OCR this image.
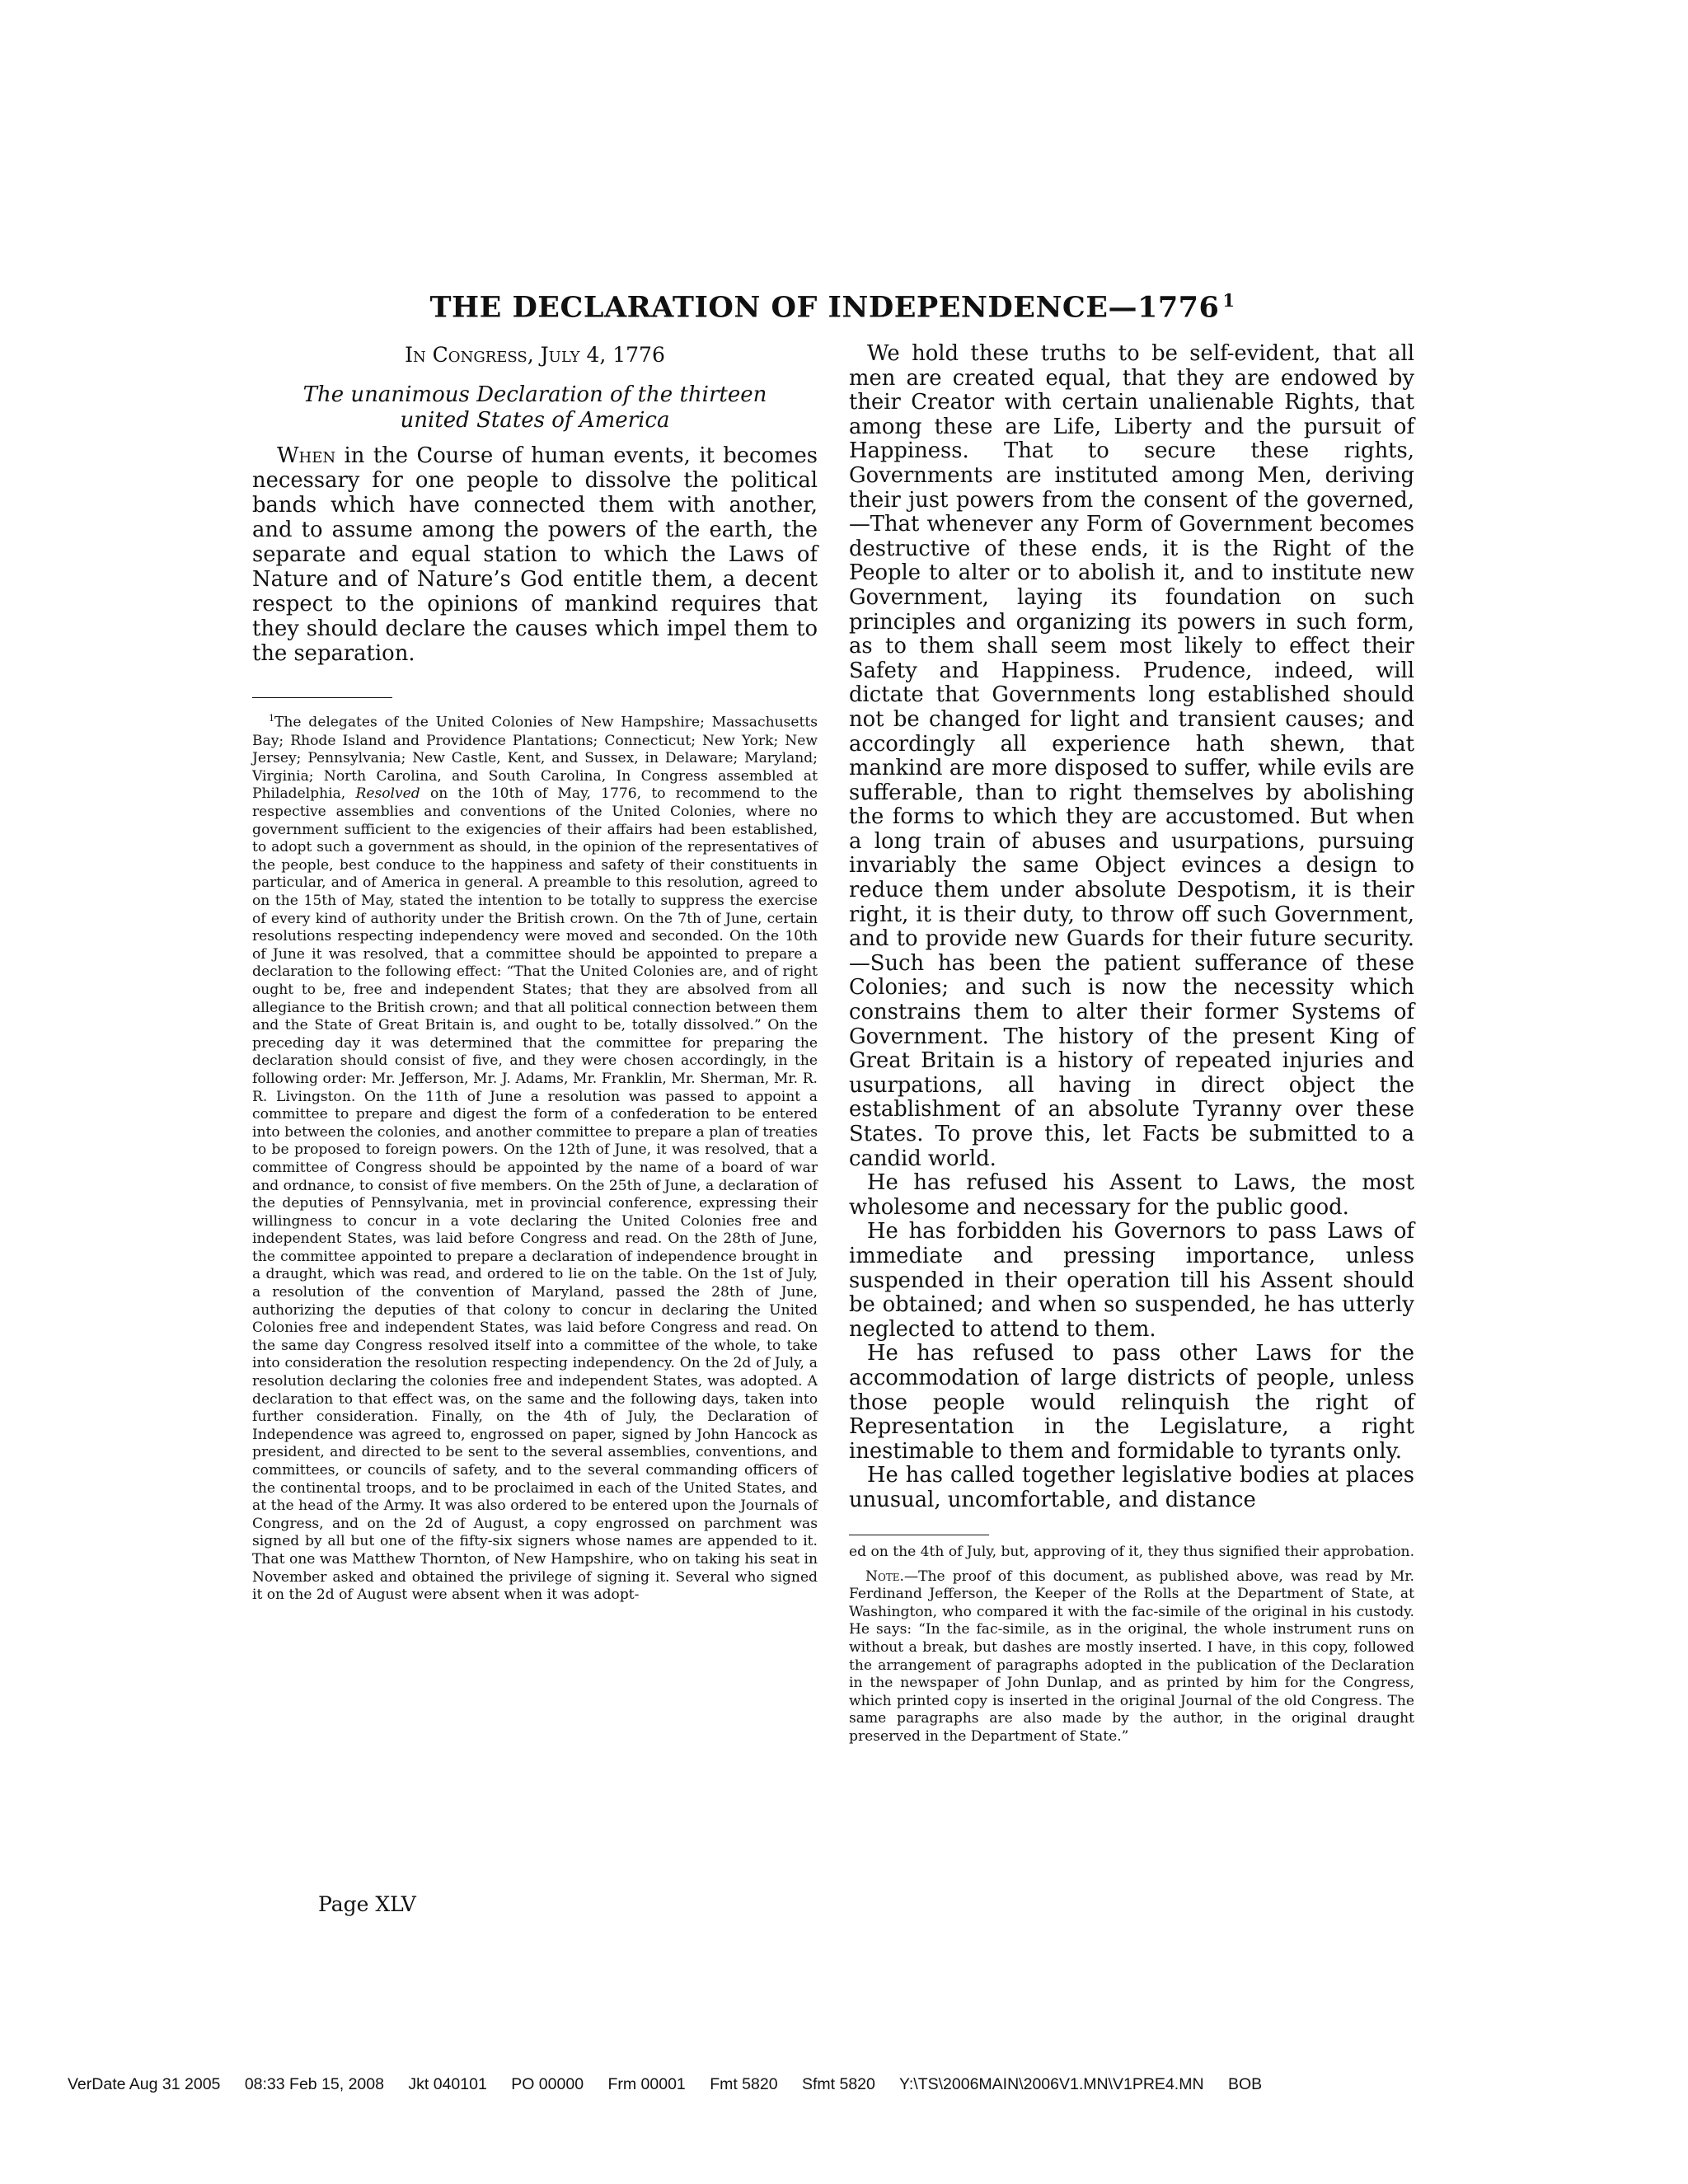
THE DECLARATION OF INDEPENDENCE—1776 $^1$

In Congress, July 4, 1776

The unanimous Declaration of the thirteen united States of America

When in the Course of human events, it becomes necessary for one people to dissolve the political bands which have connected them with another, and to assume among the powers of the earth, the separate and equal station to which the Laws of Nature and of Nature’s God entitle them, a decent respect to the opinions of mankind requires that they should declare the causes which impel them to the separation.

$^1$The delegates of the United Colonies of New Hampshire; Massachusetts Bay; Rhode Island and Providence Plantations; Connecticut; New York; New Jersey; Pennsylvania; New Castle, Kent, and Sussex, in Delaware; Maryland; Virginia; North Carolina, and South Carolina, In Congress assembled at Philadelphia, Resolved on the 10th of May, 1776, to recommend to the respective assemblies and conventions of the United Colonies, where no government sufficient to the exigencies of their affairs had been established, to adopt such a government as should, in the opinion of the representatives of the people, best conduce to the happiness and safety of their constituents in particular, and of America in general. A preamble to this resolution, agreed to on the 15th of May, stated the intention to be totally to suppress the exercise of every kind of authority under the British crown. On the 7th of June, certain resolutions respecting independency were moved and seconded. On the 10th of June it was resolved, that a committee should be appointed to prepare a declaration to the following effect: “That the United Colonies are, and of right ought to be, free and independent States; that they are absolved from all allegiance to the British crown; and that all political connection between them and the State of Great Britain is, and ought to be, totally dissolved.” On the preceding day it was determined that the committee for preparing the declaration should consist of five, and they were chosen accordingly, in the following order: Mr. Jefferson, Mr. J. Adams, Mr. Franklin, Mr. Sherman, Mr. R. R. Livingston. On the 11th of June a resolution was passed to appoint a committee to prepare and digest the form of a confederation to be entered into between the colonies, and another committee to prepare a plan of treaties to be proposed to foreign powers. On the 12th of June, it was resolved, that a committee of Congress should be appointed by the name of a board of war and ordnance, to consist of five members. On the 25th of June, a declaration of the deputies of Pennsylvania, met in provincial conference, expressing their willingness to concur in a vote declaring the United Colonies free and independent States, was laid before Congress and read. On the 28th of June, the committee appointed to prepare a declaration of independence brought in a draught, which was read, and ordered to lie on the table. On the 1st of July, a resolution of the convention of Maryland, passed the 28th of June, authorizing the deputies of that colony to concur in declaring the United Colonies free and independent States, was laid before Congress and read. On the same day Congress resolved itself into a committee of the whole, to take into consideration the resolution respecting independency. On the 2d of July, a resolution declaring the colonies free and independent States, was adopted. A declaration to that effect was, on the same and the following days, taken into further consideration. Finally, on the 4th of July, the Declaration of Independence was agreed to, engrossed on paper, signed by John Hancock as president, and directed to be sent to the several assemblies, conventions, and committees, or councils of safety, and to the several commanding officers of the continental troops, and to be proclaimed in each of the United States, and at the head of the Army. It was also ordered to be entered upon the Journals of Congress, and on the 2d of August, a copy engrossed on parchment was signed by all but one of the fifty-six signers whose names are appended to it. That one was Matthew Thornton, of New Hampshire, who on taking his seat in November asked and obtained the privilege of signing it. Several who signed it on the 2d of August were absent when it was adopt-

We hold these truths to be self-evident, that all men are created equal, that they are endowed by their Creator with certain unalienable Rights, that among these are Life, Liberty and the pursuit of Happiness. That to secure these rights, Governments are instituted among Men, deriving their just powers from the consent of the governed,—That whenever any Form of Government becomes destructive of these ends, it is the Right of the People to alter or to abolish it, and to institute new Government, laying its foundation on such principles and organizing its powers in such form, as to them shall seem most likely to effect their Safety and Happiness. Prudence, indeed, will dictate that Governments long established should not be changed for light and transient causes; and accordingly all experience hath shewn, that mankind are more disposed to suffer, while evils are sufferable, than to right themselves by abolishing the forms to which they are accustomed. But when a long train of abuses and usurpations, pursuing invariably the same Object evinces a design to reduce them under absolute Despotism, it is their right, it is their duty, to throw off such Government, and to provide new Guards for their future security.—Such has been the patient sufferance of these Colonies; and such is now the necessity which constrains them to alter their former Systems of Government. The history of the present King of Great Britain is a history of repeated injuries and usurpations, all having in direct object the establishment of an absolute Tyranny over these States. To prove this, let Facts be submitted to a candid world.

He has refused his Assent to Laws, the most wholesome and necessary for the public good.

He has forbidden his Governors to pass Laws of immediate and pressing importance, unless suspended in their operation till his Assent should be obtained; and when so suspended, he has utterly neglected to attend to them.

He has refused to pass other Laws for the accommodation of large districts of people, unless those people would relinquish the right of Representation in the Legislature, a right inestimable to them and formidable to tyrants only.

He has called together legislative bodies at places unusual, uncomfortable, and distance

ed on the 4th of July, but, approving of it, they thus signified their approbation.

Note.—The proof of this document, as published above, was read by Mr. Ferdinand Jefferson, the Keeper of the Rolls at the Department of State, at Washington, who compared it with the fac-simile of the original in his custody. He says: “In the fac-simile, as in the original, the whole instrument runs on without a break, but dashes are mostly inserted. I have, in this copy, followed the arrangement of paragraphs adopted in the publication of the Declaration in the newspaper of John Dunlap, and as printed by him for the Congress, which printed copy is inserted in the original Journal of the old Congress. The same paragraphs are also made by the author, in the original draught preserved in the Department of State.”

Page XLV
VerDate Aug 31 2005 08:33 Feb 15, 2008 Jkt 040101 PO 00000 Frm 00001 Fmt 5820 Sfmt 5820 Y:\TS\2006MAIN\2006V1.MN\V1PRE4.MN BOB
